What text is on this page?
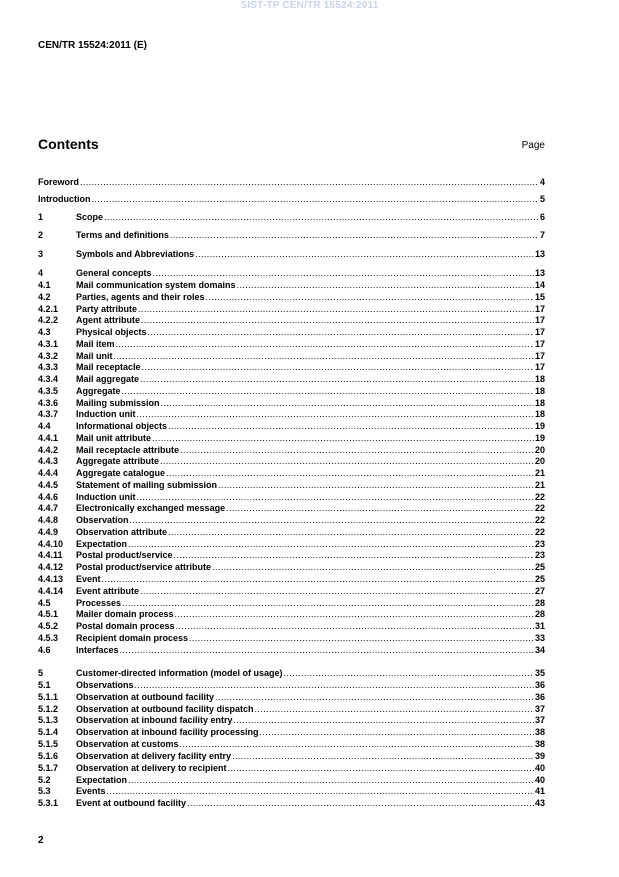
SIST-TP CEN/TR 15524:2011
CEN/TR 15524:2011 (E)
Contents	Page
Foreword .....	4
Introduction .....	5
1	Scope .....	6
2	Terms and definitions .....	7
3	Symbols and Abbreviations .....	13
4	General concepts .....	13
4.1	Mail communication system domains .....	14
4.2	Parties, agents and their roles .....	15
4.2.1	Party attribute .....	17
4.2.2	Agent attribute .....	17
4.3	Physical objects .....	17
4.3.1	Mail item .....	17
4.3.2	Mail unit .....	17
4.3.3	Mail receptacle .....	17
4.3.4	Mail aggregate .....	18
4.3.5	Aggregate .....	18
4.3.6	Mailing submission .....	18
4.3.7	Induction unit .....	18
4.4	Informational objects .....	19
4.4.1	Mail unit attribute .....	19
4.4.2	Mail receptacle attribute .....	20
4.4.3	Aggregate attribute .....	20
4.4.4	Aggregate catalogue .....	21
4.4.5	Statement of mailing submission .....	21
4.4.6	Induction unit .....	22
4.4.7	Electronically exchanged message .....	22
4.4.8	Observation .....	22
4.4.9	Observation attribute .....	22
4.4.10	Expectation .....	23
4.4.11	Postal product/service .....	23
4.4.12	Postal product/service attribute .....	25
4.4.13	Event .....	25
4.4.14	Event attribute .....	27
4.5	Processes .....	28
4.5.1	Mailer domain process .....	28
4.5.2	Postal domain process .....	31
4.5.3	Recipient domain process .....	33
4.6	Interfaces .....	34
5	Customer-directed information (model of usage) .....	35
5.1	Observations .....	36
5.1.1	Observation at outbound facility .....	36
5.1.2	Observation at outbound facility dispatch .....	37
5.1.3	Observation at inbound facility entry .....	37
5.1.4	Observation at inbound facility processing .....	38
5.1.5	Observation at customs .....	38
5.1.6	Observation at delivery facility entry .....	39
5.1.7	Observation at delivery to recipient .....	40
5.2	Expectation .....	40
5.3	Events .....	41
5.3.1	Event at outbound facility .....	43
2
